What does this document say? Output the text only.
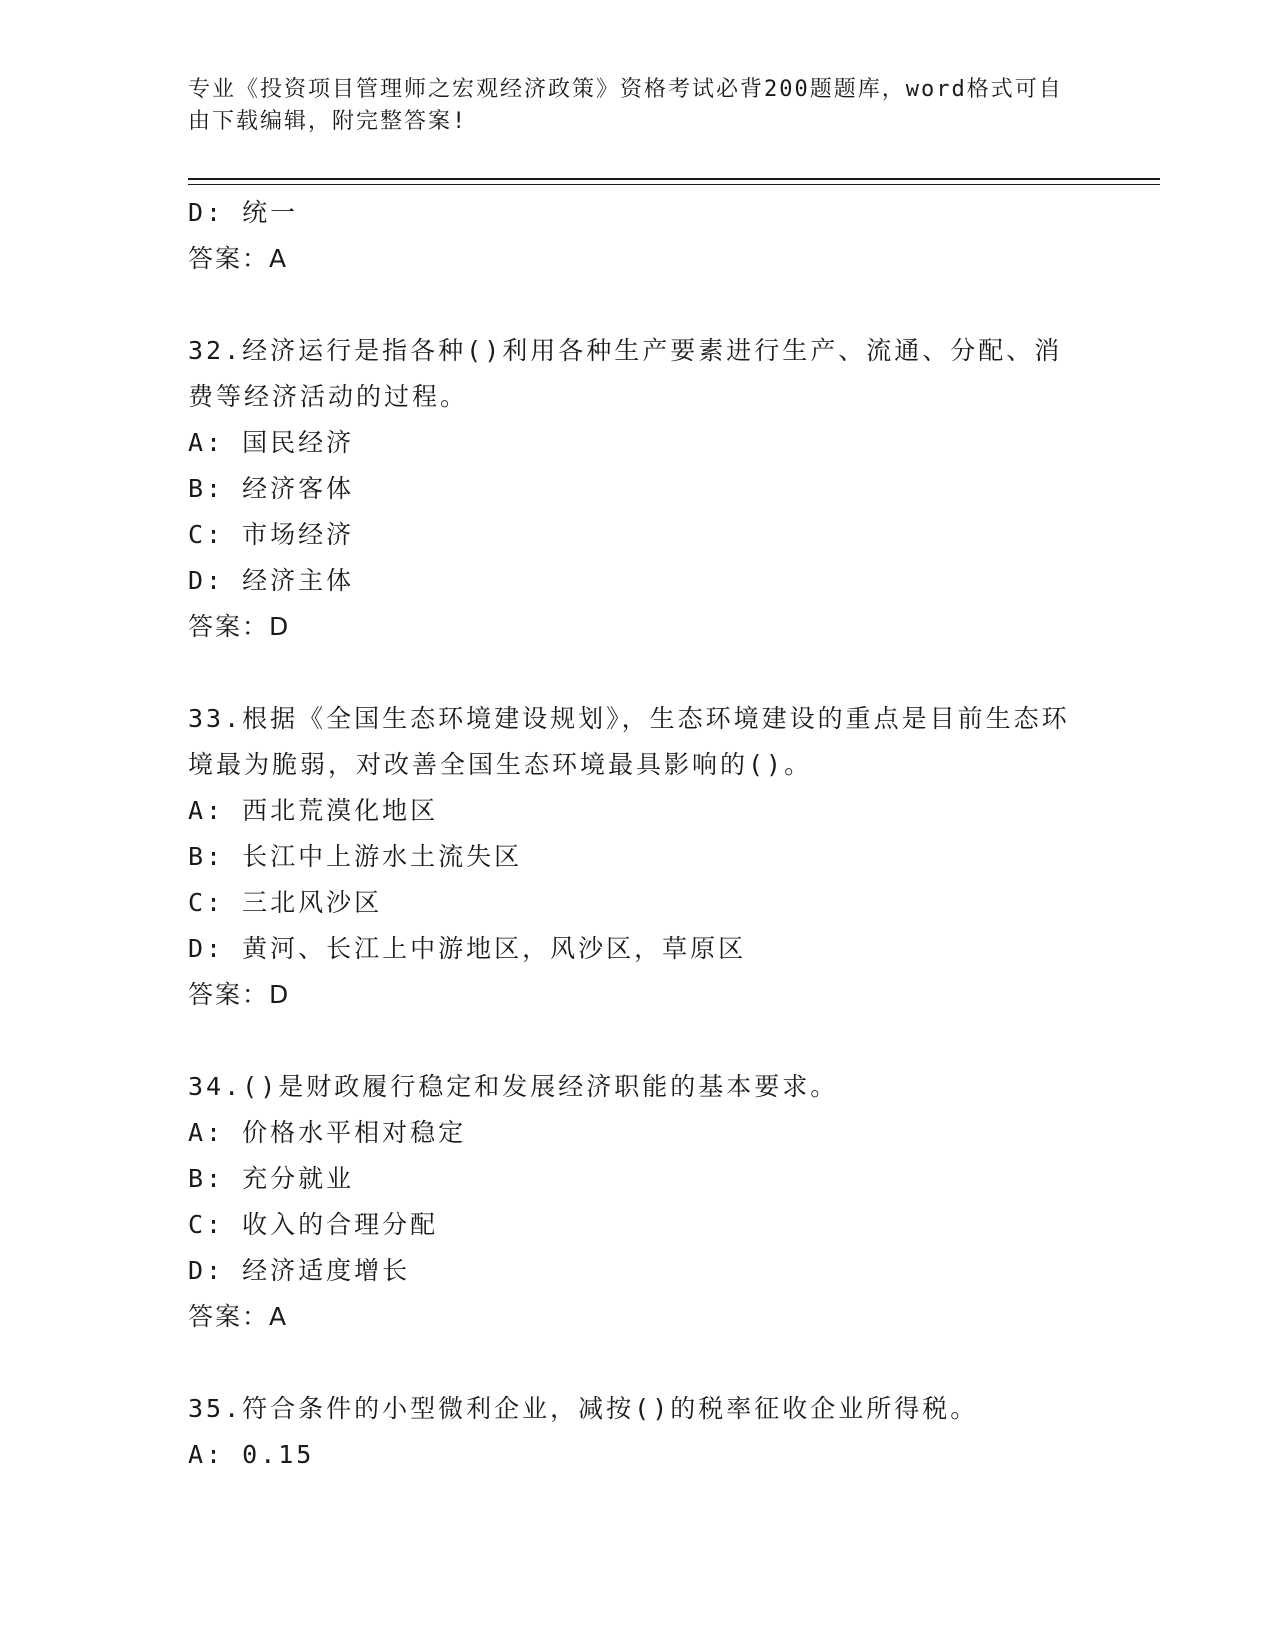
专业《投资项目管理师之宏观经济政策》资格考试必背200题题库，word格式可自由下载编辑，附完整答案!
D: 统一
答案：A
32.经济运行是指各种()利用各种生产要素进行生产、流通、分配、消费等经济活动的过程。
A: 国民经济
B: 经济客体
C: 市场经济
D: 经济主体
答案：D
33.根据《全国生态环境建设规划》，生态环境建设的重点是目前生态环境最为脆弱，对改善全国生态环境最具影响的()。
A: 西北荒漠化地区
B: 长江中上游水土流失区
C: 三北风沙区
D: 黄河、长江上中游地区，风沙区，草原区
答案：D
34.()是财政履行稳定和发展经济职能的基本要求。
A: 价格水平相对稳定
B: 充分就业
C: 收入的合理分配
D: 经济适度增长
答案：A
35.符合条件的小型微利企业，减按()的税率征收企业所得税。
A: 0.15
